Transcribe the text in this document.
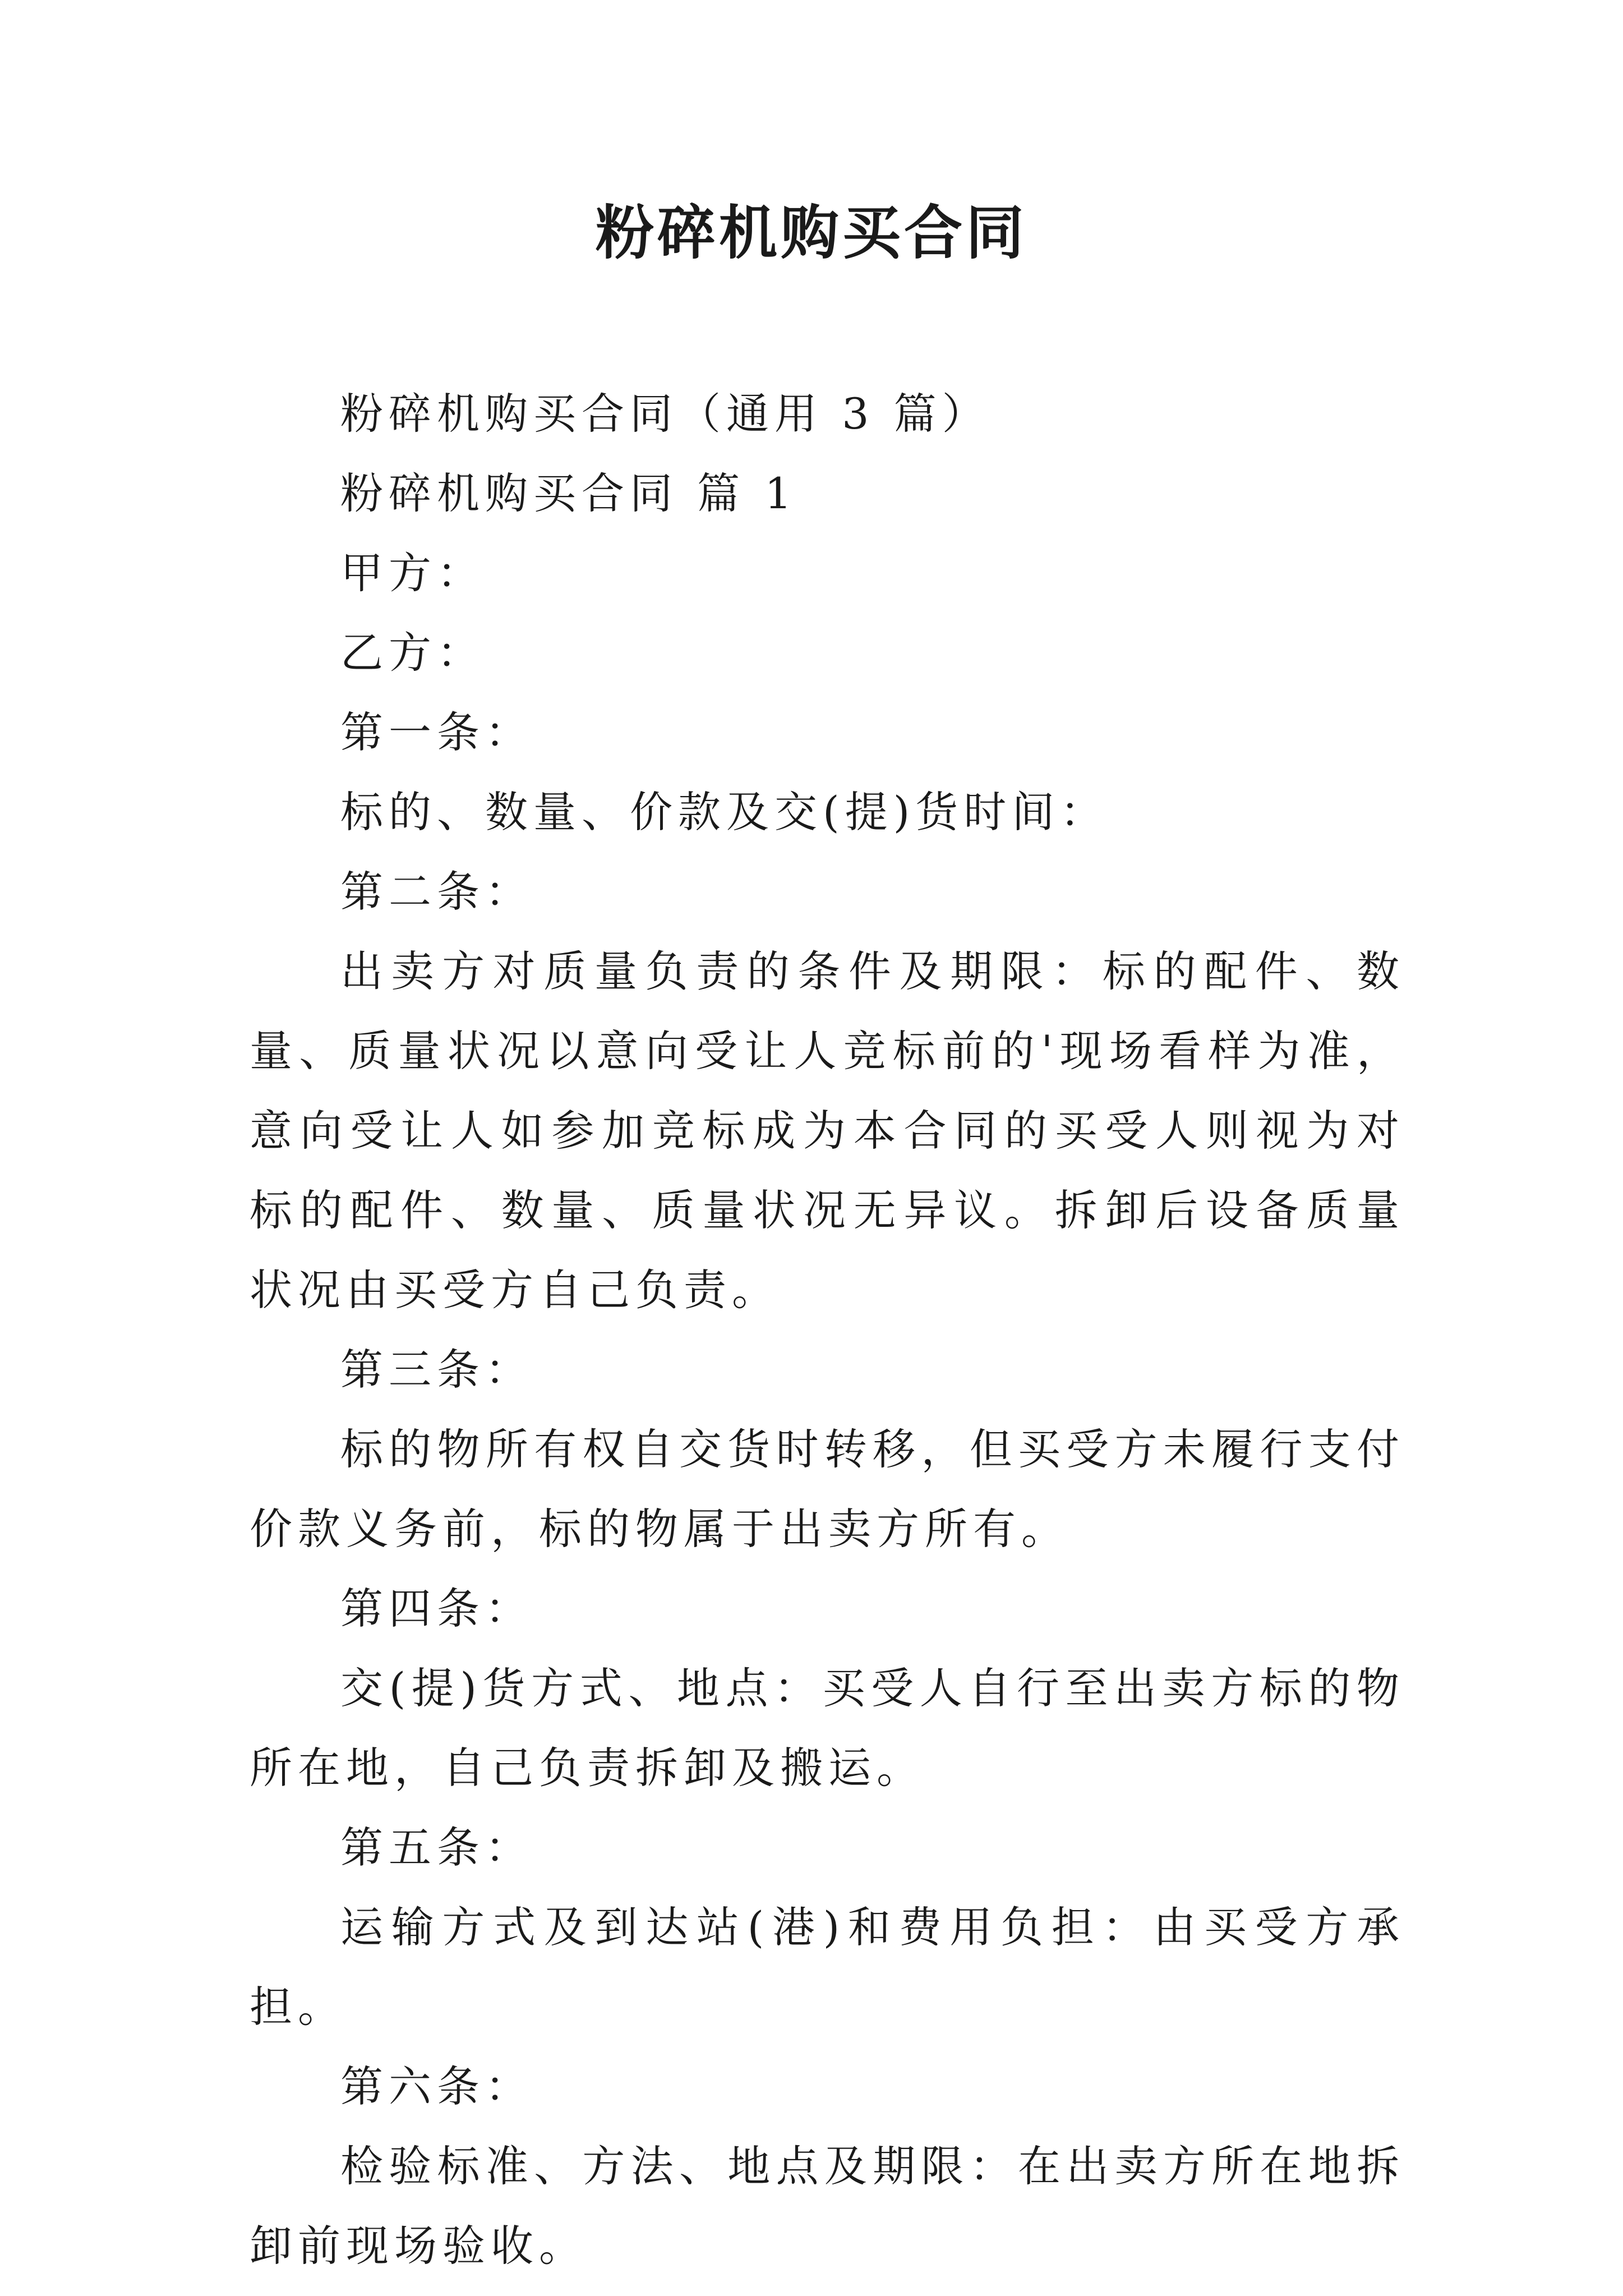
粉碎机购买合同

粉碎机购买合同（通用 3 篇）

粉碎机购买合同 篇 1

甲方：

乙方：

第一条：

标的、数量、价款及交(提)货时间：

第二条：

出卖方对质量负责的条件及期限：标的配件、数量、质量状况以意向受让人竞标前的'现场看样为准，意向受让人如参加竞标成为本合同的买受人则视为对标的配件、数量、质量状况无异议。拆卸后设备质量状况由买受方自己负责。

第三条：

标的物所有权自交货时转移，但买受方未履行支付价款义务前，标的物属于出卖方所有。

第四条：

交(提)货方式、地点：买受人自行至出卖方标的物所在地，自己负责拆卸及搬运。

第五条：

运输方式及到达站(港)和费用负担：由买受方承担。

第六条：

检验标准、方法、地点及期限：在出卖方所在地拆卸前现场验收。
